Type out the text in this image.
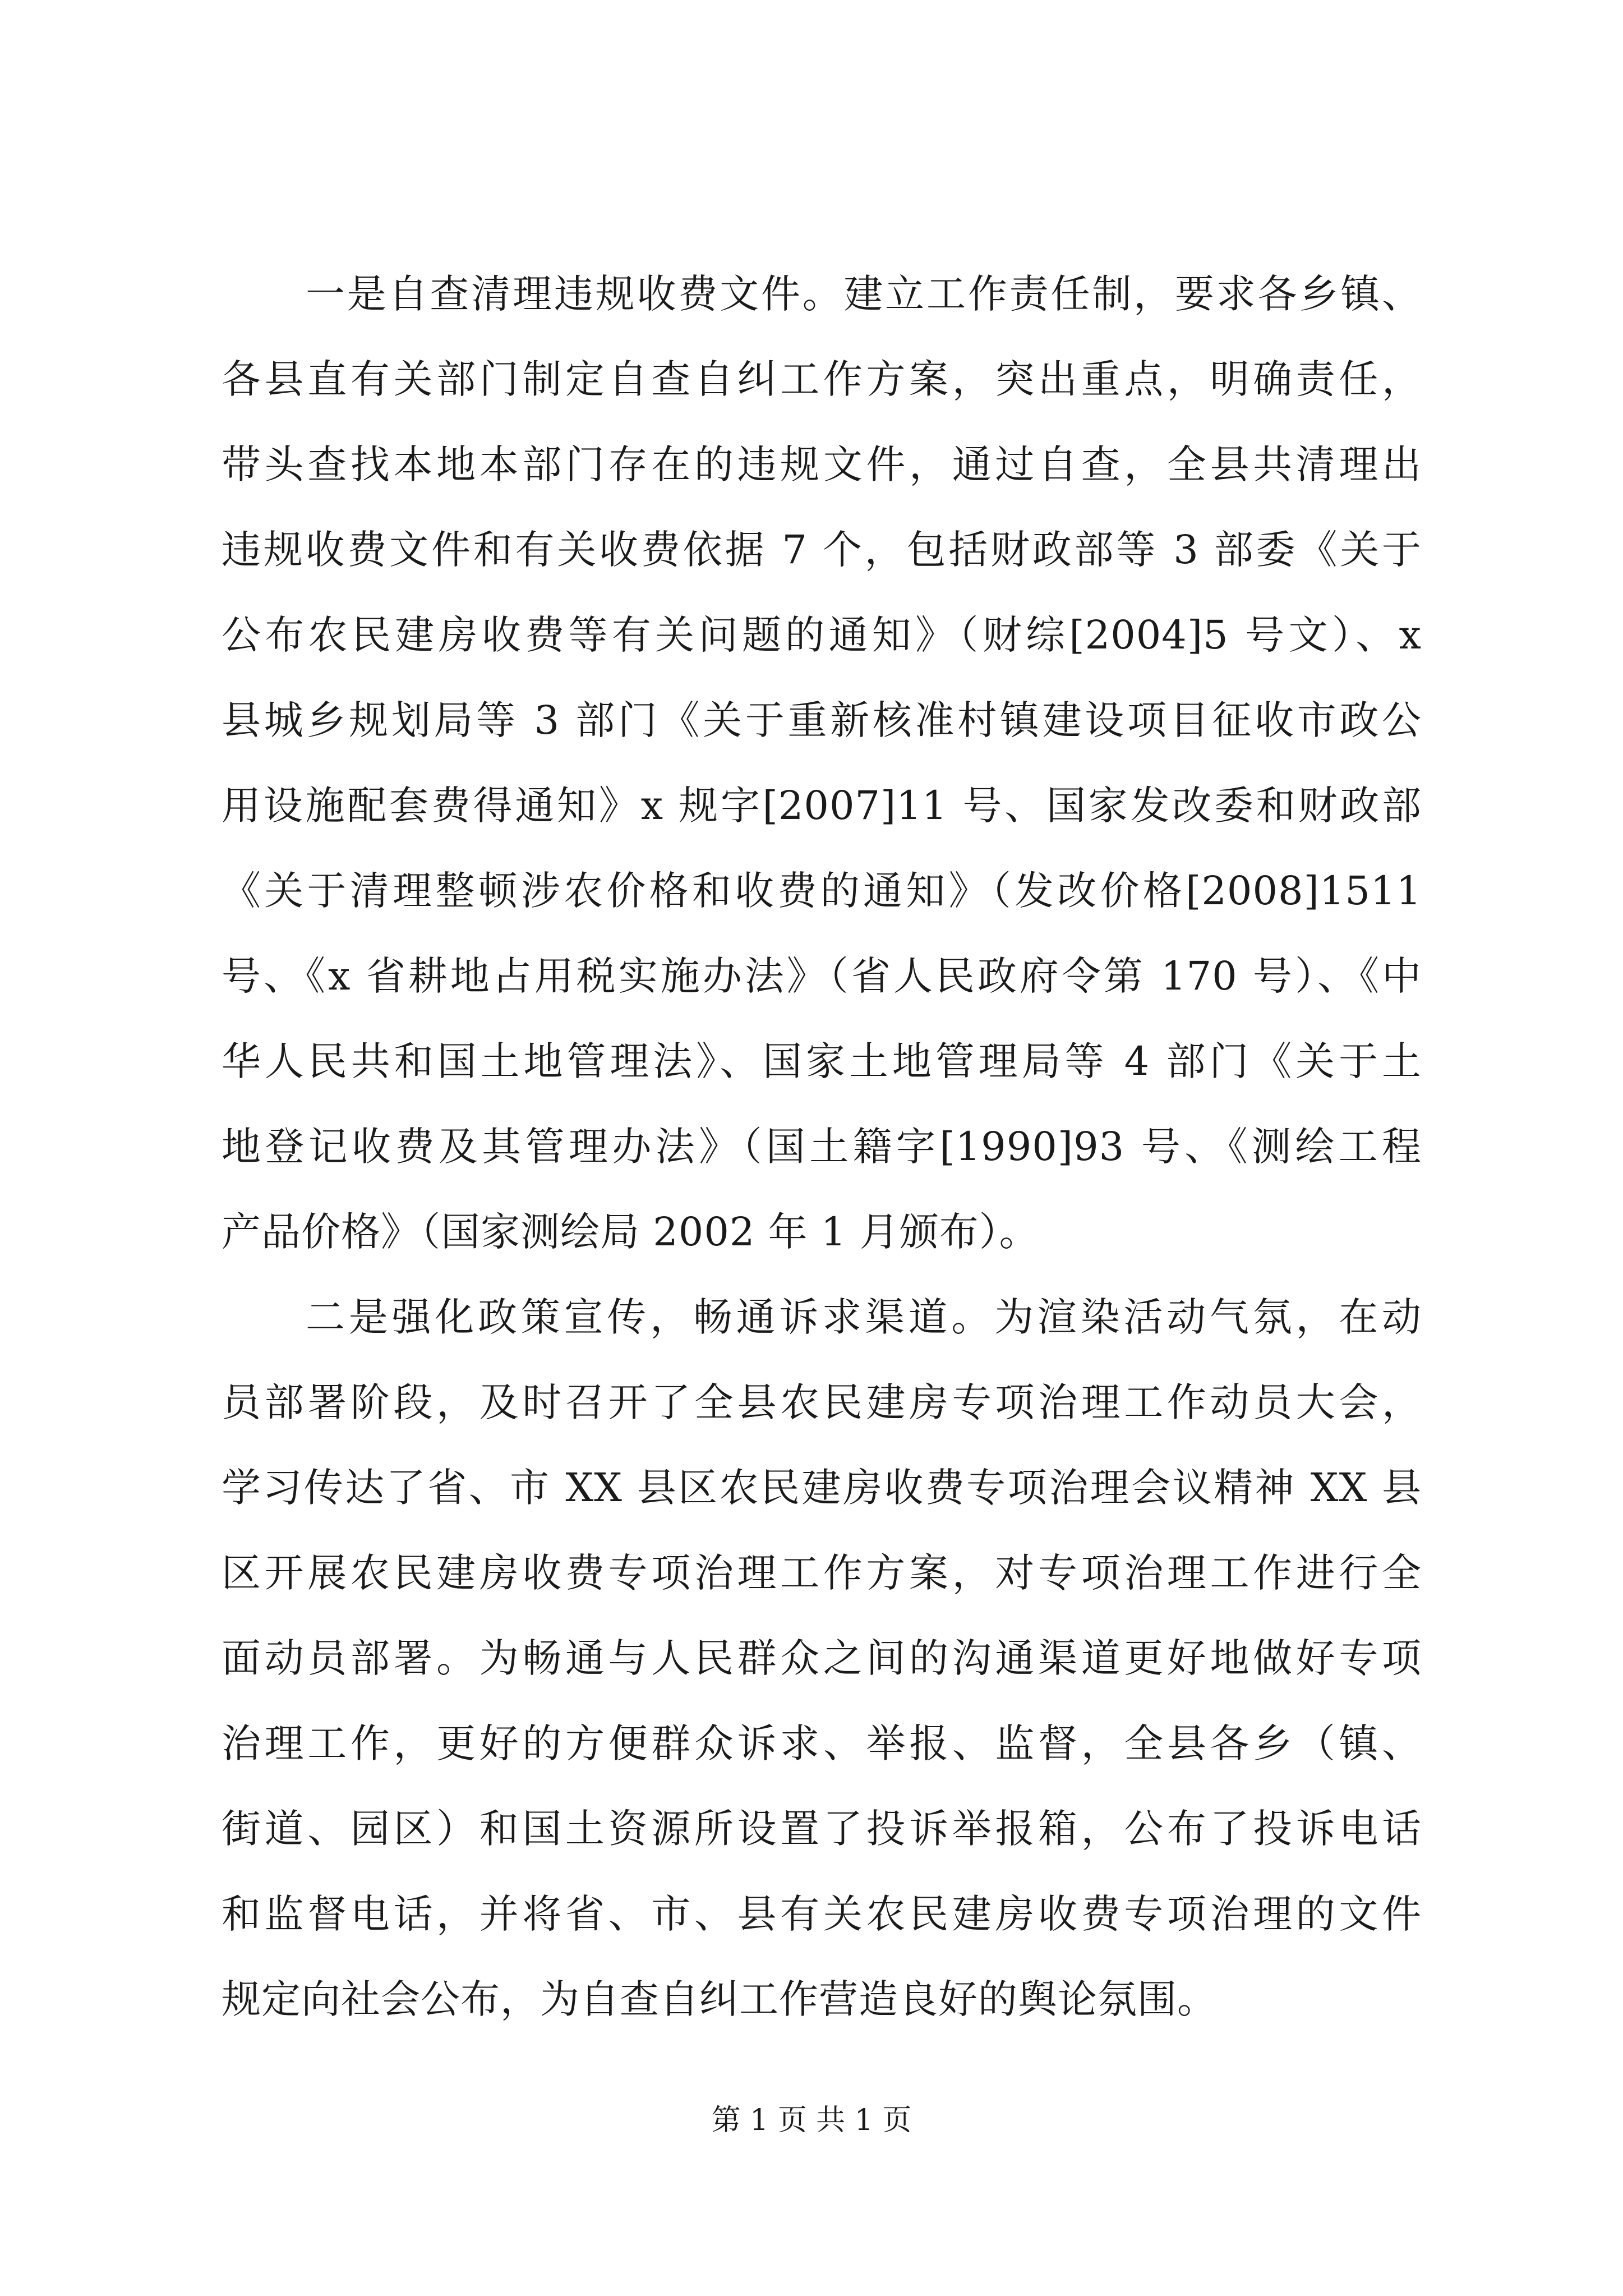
一是自查清理违规收费文件。建立工作责任制，要求各乡镇、
各县直有关部门制定自查自纠工作方案，突出重点，明确责任，
带头查找本地本部门存在的违规文件，通过自查，全县共清理出
违规收费文件和有关收费依据 7 个，包括财政部等 3 部委《关于
公布农民建房收费等有关问题的通知》（财综[2004]5 号文）、x
县城乡规划局等 3 部门《关于重新核准村镇建设项目征收市政公
用设施配套费得通知》x 规字[2007]11 号、国家发改委和财政部
《关于清理整顿涉农价格和收费的通知》（发改价格[2008]1511
号、《x 省耕地占用税实施办法》（省人民政府令第 170 号）、《中
华人民共和国土地管理法》、国家土地管理局等 4 部门《关于土
地登记收费及其管理办法》（国土籍字[1990]93 号、《测绘工程
产品价格》（国家测绘局 2002 年 1 月颁布）。
二是强化政策宣传，畅通诉求渠道。为渲染活动气氛，在动
员部署阶段，及时召开了全县农民建房专项治理工作动员大会，
学习传达了省、市 XX 县区农民建房收费专项治理会议精神 XX 县
区开展农民建房收费专项治理工作方案，对专项治理工作进行全
面动员部署。为畅通与人民群众之间的沟通渠道更好地做好专项
治理工作，更好的方便群众诉求、举报、监督，全县各乡（镇、
街道、园区）和国土资源所设置了投诉举报箱，公布了投诉电话
和监督电话，并将省、市、县有关农民建房收费专项治理的文件
规定向社会公布，为自查自纠工作营造良好的舆论氛围。
第 1 页 共 1 页
